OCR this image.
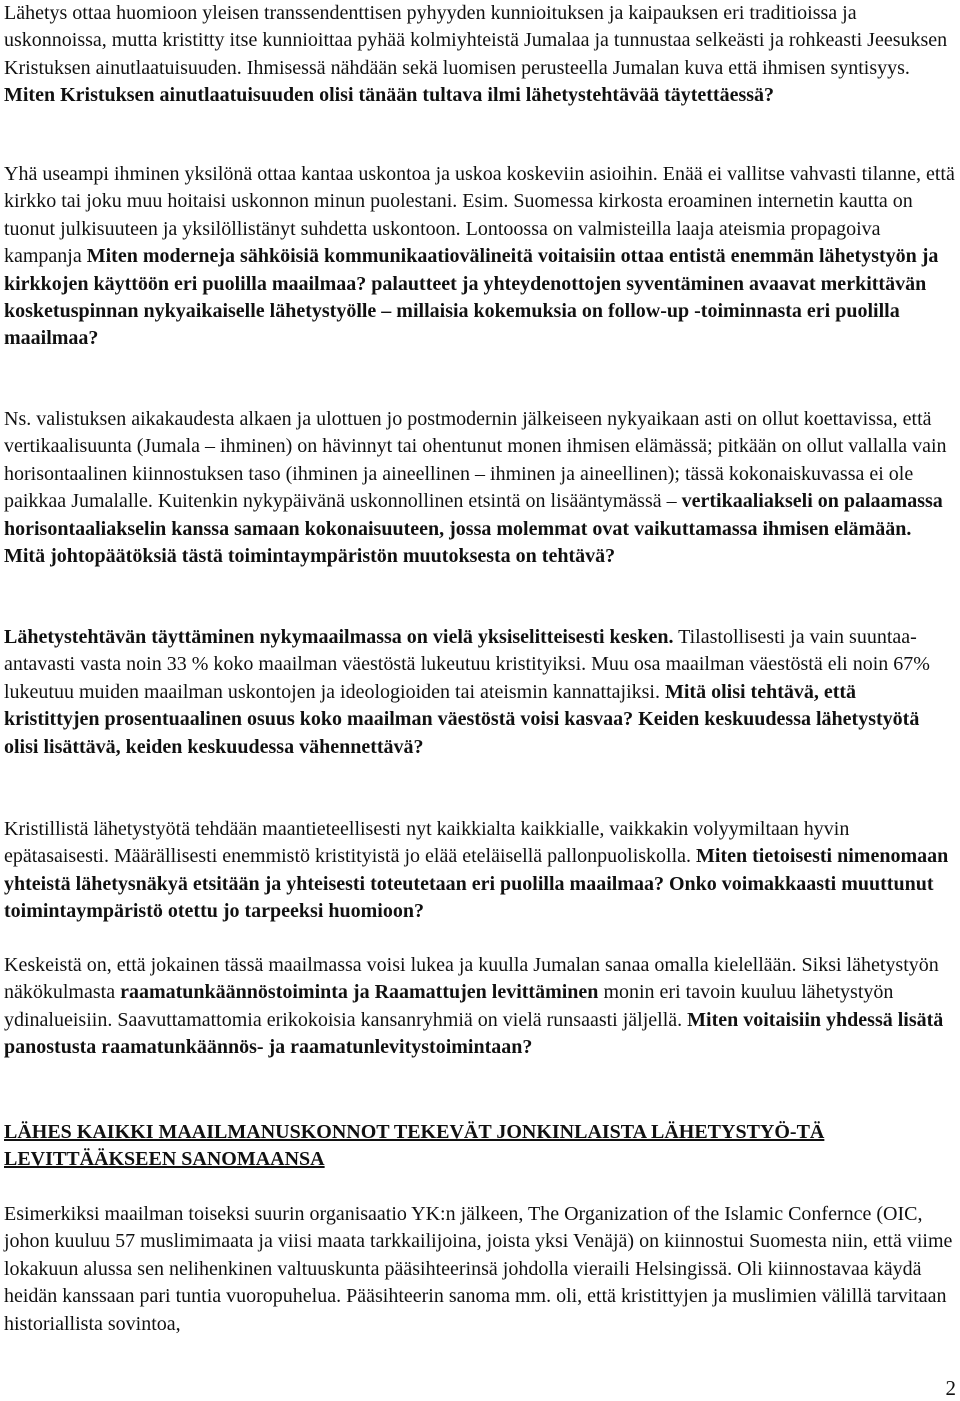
Lähetys ottaa huomioon yleisen transsendenttisen pyhyyden kunnioituksen ja kaipauksen eri traditioissa ja uskonnoissa, mutta kristitty itse kunnioittaa pyhää kolmiyhteistä Jumalaa ja tunnustaa selkeästi ja rohkeasti Jeesuksen Kristuksen ainutlaatuisuuden. Ihmisessä nähdään sekä luomisen perusteella Jumalan kuva että ihmisen syntisyys. Miten Kristuksen ainutlaatuisuuden olisi tänään tultava ilmi lähetystehtävää täytettäessä?

Yhä useampi ihminen yksilönä ottaa kantaa uskontoa ja uskoa koskeviin asioihin. Enää ei vallitse vahvasti tilanne, että kirkko tai joku muu hoitaisi uskonnon minun puolestani. Esim. Suomessa kirkosta eroaminen internetin kautta on tuonut julkisuuteen ja yksilöllistänyt suhdetta uskontoon. Lontoossa on valmisteilla laaja ateismia propagoiva kampanja Miten moderneja sähköisiä kommunikaatiovälineitä voitaisiin ottaa entistä enemmän lähetystyön ja kirkkojen käyttöön eri puolilla maailmaa? palautteet ja yhteydenottojen syventäminen avaavat merkittävän kosketuspinnan nykyaikaiselle lähetystyölle – millaisia kokemuksia on follow-up -toiminnasta eri puolilla maailmaa?

Ns. valistuksen aikakaudesta alkaen ja ulottuen jo postmodernin jälkeiseen nykyaikaan asti on ollut koettavissa, että vertikaalisuunta (Jumala – ihminen) on hävinnyt tai ohentunut monen ihmisen elämässä; pitkään on ollut vallalla vain horisontaalinen kiinnostuksen taso (ihminen ja aineellinen – ihminen ja aineellinen); tässä kokonaiskuvassa ei ole paikkaa Jumalalle. Kuitenkin nykypäivänä uskonnollinen etsintä on lisääntymässä – vertikaaliakseli on palaamassa horisontaaliakselin kanssa samaan kokonaisuuteen, jossa molemmat ovat vaikuttamassa ihmisen elämään. Mitä johtopäätöksiä tästä toimintaympäristön muutoksesta on tehtävä?

Lähetystehtävän täyttäminen nykymaailmassa on vielä yksiselitteisesti kesken. Tilastollisesti ja vain suuntaa-antavasti vasta noin 33 % koko maailman väestöstä lukeutuu kristityiksi. Muu osa maailman väestöstä eli noin 67% lukeutuu muiden maailman uskontojen ja ideologioiden tai ateismin kannattajiksi. Mitä olisi tehtävä, että kristittyjen prosentuaalinen osuus koko maailman väestöstä voisi kasvaa? Keiden keskuudessa lähetystyötä olisi lisättävä, keiden keskuudessa vähennettävä?

Kristillistä lähetystyötä tehdään maantieteellisesti nyt kaikkialta kaikkialle, vaikkakin volyymiltaan hyvin epätasaisesti. Määrällisesti enemmistö kristityistä jo elää eteläisellä pallonpuoliskolla. Miten tietoisesti nimenomaan yhteistä lähetysnäkyä etsitään ja yhteisesti toteutetaan eri puolilla maailmaa? Onko voimakkaasti muuttunut toimintaympäristö otettu jo tarpeeksi huomioon?

Keskeistä on, että jokainen tässä maailmassa voisi lukea ja kuulla Jumalan sanaa omalla kielellään. Siksi lähetystyön näkökulmasta raamatunkäännöstoiminta ja Raamattujen levittäminen monin eri tavoin kuuluu lähetystyön ydinalueisiin. Saavuttamattomia erikokoisia kansanryhmiä on vielä runsaasti jäljellä. Miten voitaisiin yhdessä lisätä panostusta raamatunkäännös- ja raamatunlevitystoimintaan?

LÄHES KAIKKI MAAILMANUSKONNOT TEKEVÄT JONKINLAISTA LÄHETYSTYÖ-TÄ LEVITTÄÄKSEEN SANOMAANSA

Esimerkiksi maailman toiseksi suurin organisaatio YK:n jälkeen, The Organization of the Islamic Confernce (OIC, johon kuuluu 57 muslimimaata ja viisi maata tarkkailijoina, joista yksi Venäjä) on kiinnostui Suomesta niin, että viime lokakuun alussa sen nelihenkinen valtuuskunta pääsihteerinsä johdolla vieraili Helsingissä. Oli kiinnostavaa käydä heidän kanssaan pari tuntia vuoropuhelua. Pääsihteerin sanoma mm. oli, että kristittyjen ja muslimien välillä tarvitaan historiallista sovintoa,

2
